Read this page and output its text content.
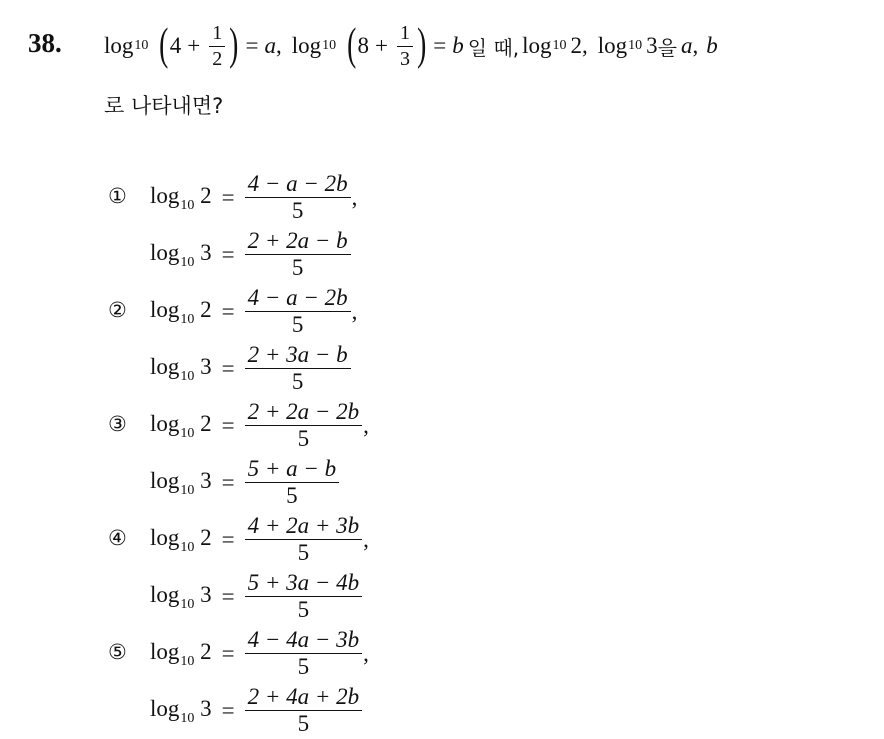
38. log 10 ( $4 + \frac{1}{2}$ ) = a , log 10 ( $8 + \frac{1}{3}$ ) = b 일 때, log 10 2 , log 10 3 을 a , b
로 나타내면?
① $\log_{10} 2 = \frac{4 - a - 2b}{5}$ ,
$\log_{10} 3 = \frac{2 + 2a - b}{5}$
② $\log_{10} 2 = \frac{4 - a - 2b}{5}$ ,
$\log_{10} 3 = \frac{2 + 3a - b}{5}$
③ $\log_{10} 2 = \frac{2 + 2a - 2b}{5}$ ,
$\log_{10} 3 = \frac{5 + a - b}{5}$
④ $\log_{10} 2 = \frac{4 + 2a + 3b}{5}$ ,
$\log_{10} 3 = \frac{5 + 3a - 4b}{5}$
⑤ $\log_{10} 2 = \frac{4 - 4a - 3b}{5}$ ,
$\log_{10} 3 = \frac{2 + 4a + 2b}{5}$
